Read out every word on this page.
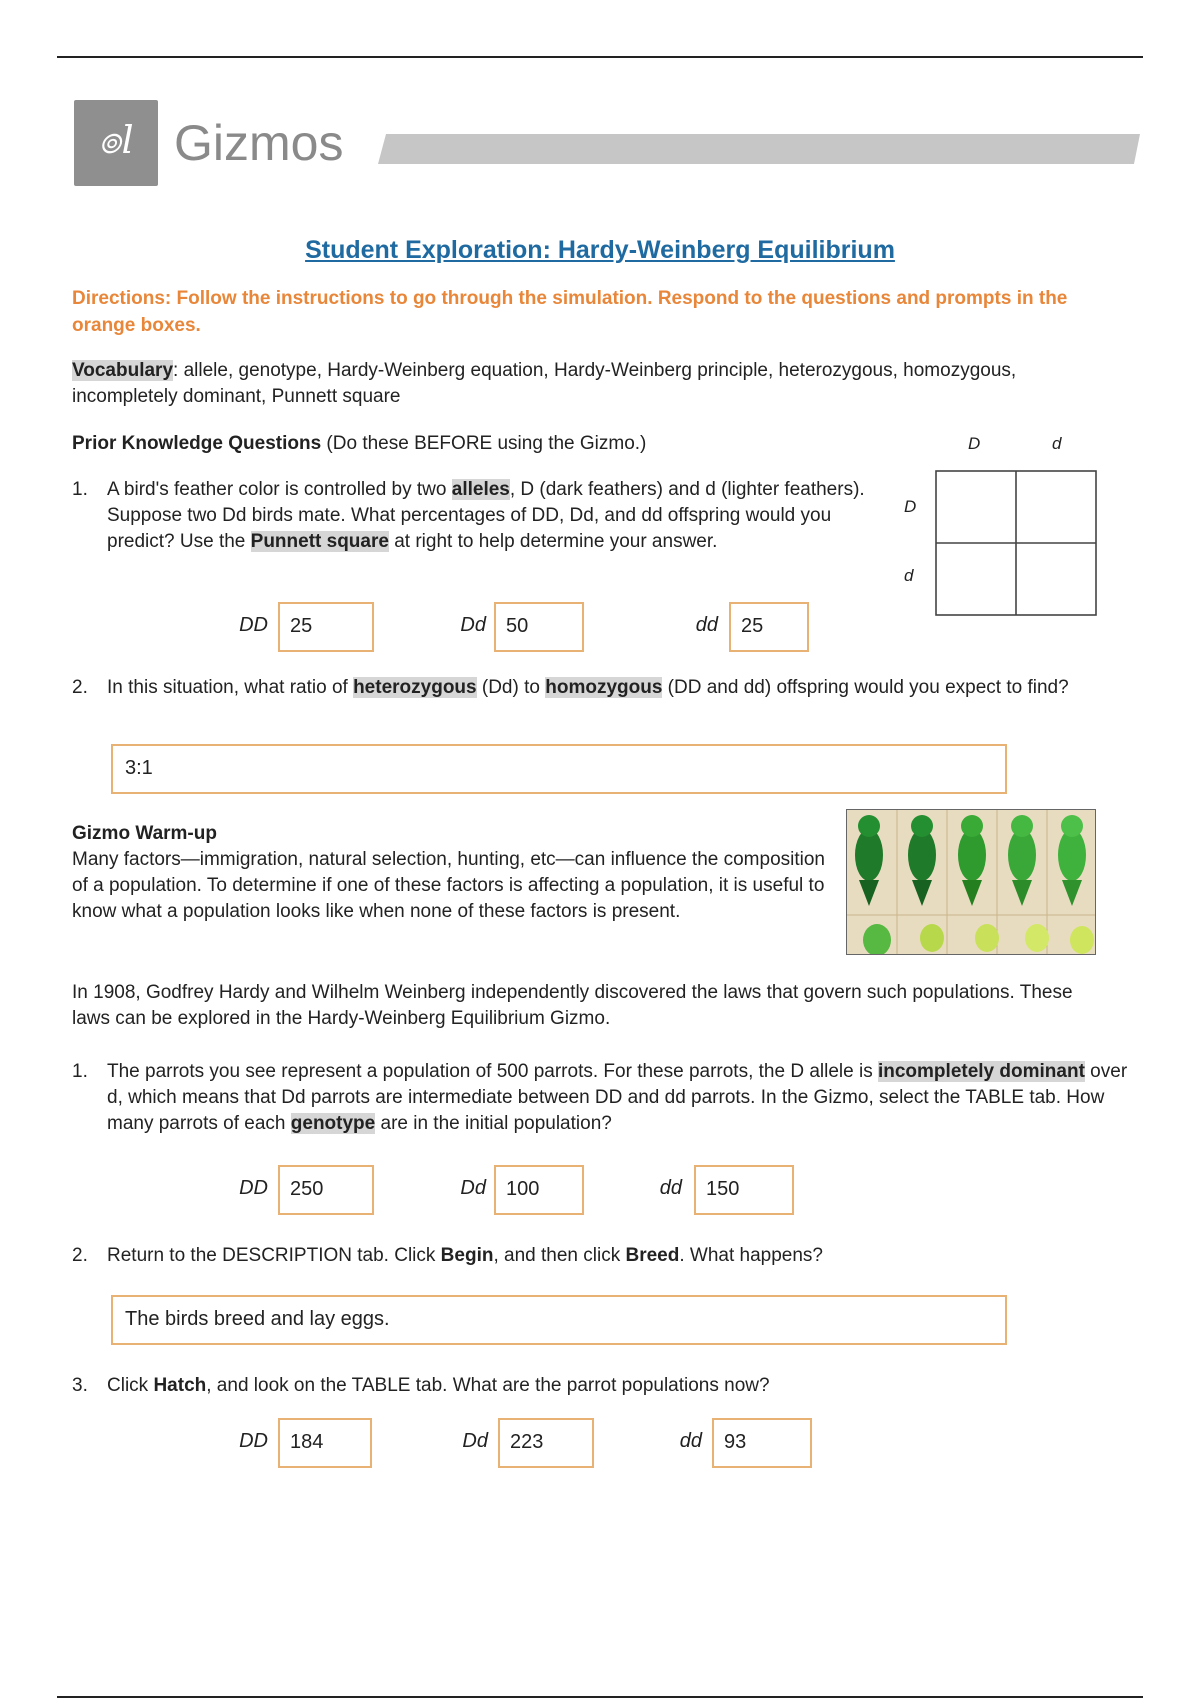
๏l Gizmos
Student Exploration: Hardy-Weinberg Equilibrium
Directions: Follow the instructions to go through the simulation. Respond to the questions and prompts in the orange boxes.
Vocabulary: allele, genotype, Hardy-Weinberg equation, Hardy-Weinberg principle, heterozygous, homozygous, incompletely dominant, Punnett square
Prior Knowledge Questions (Do these BEFORE using the Gizmo.)
1. A bird's feather color is controlled by two alleles, D (dark feathers) and d (lighter feathers). Suppose two Dd birds mate. What percentages of DD, Dd, and dd offspring would you predict? Use the Punnett square at right to help determine your answer.
D	d
D
d
DD	25	Dd	50	dd	25
2. In this situation, what ratio of heterozygous (Dd) to homozygous (DD and dd) offspring would you expect to find?
3:1
Gizmo Warm-up
Many factors—immigration, natural selection, hunting, etc—can influence the composition of a population. To determine if one of these factors is affecting a population, it is useful to know what a population looks like when none of these factors is present.
In 1908, Godfrey Hardy and Wilhelm Weinberg independently discovered the laws that govern such populations. These laws can be explored in the Hardy-Weinberg Equilibrium Gizmo.
1. The parrots you see represent a population of 500 parrots. For these parrots, the D allele is incompletely dominant over d, which means that Dd parrots are intermediate between DD and dd parrots. In the Gizmo, select the TABLE tab. How many parrots of each genotype are in the initial population?
DD	250	Dd	100	dd	150
2. Return to the DESCRIPTION tab. Click Begin, and then click Breed. What happens?
The birds breed and lay eggs.
3. Click Hatch, and look on the TABLE tab. What are the parrot populations now?
DD	184	Dd	223	dd	93
